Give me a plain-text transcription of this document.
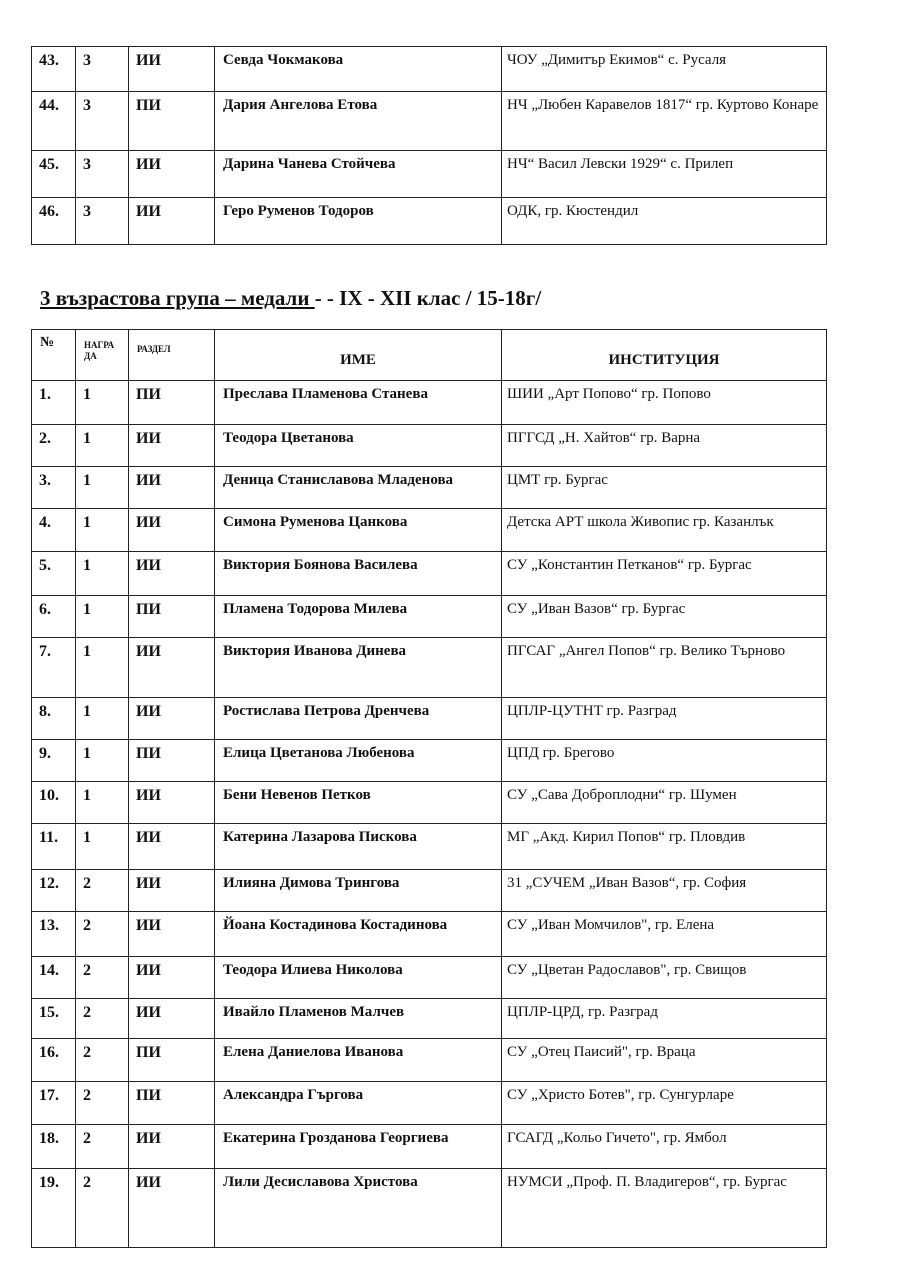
43.	3	ИИ	Севда Чокмакова	ЧОУ „Димитър Екимов“ с. Русаля

44.	3	ПИ	Дария Ангелова Етова	НЧ „Любен Каравелов 1817“ гр. Куртово Конаре

45.	3	ИИ	Дарина Чанева Стойчева	НЧ“ Васил Левски 1929“ с. Прилеп

46.	3	ИИ	Геро Руменов Тодоров	ОДК, гр. Кюстендил
3 възрастова група – медали - - IX - XII клас / 15-18г/
№	НАГРА ДА	РАЗДЕЛ	ИМЕ	ИНСТИТУЦИЯ

1.	1	ПИ	Преслава Пламенова Станева	ШИИ „Арт Попово“ гр. Попово

2.	1	ИИ	Теодора Цветанова	ПГГСД „Н. Хайтов“ гр. Варна

3.	1	ИИ	Деница Станиславова Младенова	ЦМТ гр. Бургас

4.	1	ИИ	Симона Руменова Цанкова	Детска АРТ школа Живопис гр. Казанлък

5.	1	ИИ	Виктория Боянова Василева	СУ „Константин Петканов“ гр. Бургас

6.	1	ПИ	Пламена Тодорова Милева	СУ „Иван Вазов“ гр. Бургас

7.	1	ИИ	Виктория Иванова Динева	ПГСАГ „Ангел Попов“ гр. Велико Търново

8.	1	ИИ	Ростислава Петрова Дренчева	ЦПЛР-ЦУТНТ гр. Разград

9.	1	ПИ	Елица Цветанова Любенова	ЦПД гр. Брегово

10.	1	ИИ	Бени Невенов Петков	СУ „Сава Доброплодни“ гр. Шумен

11.	1	ИИ	Катерина Лазарова Пискова	МГ „Акд. Кирил Попов“ гр. Пловдив

12.	2	ИИ	Илияна Димова Трингова	31 „СУЧЕМ „Иван Вазов“, гр. София

13.	2	ИИ	Йоана Костадинова Костадинова	СУ „Иван Момчилов", гр. Елена

14.	2	ИИ	Теодора Илиева Николова	СУ „Цветан Радославов", гр. Свищов

15.	2	ИИ	Ивайло Пламенов Малчев	ЦПЛР-ЦРД, гр. Разград

16.	2	ПИ	Елена Даниелова Иванова	СУ „Отец Паисий", гр. Враца

17.	2	ПИ	Александра Гъргова	СУ „Христо Ботев", гр. Сунгурларе

18.	2	ИИ	Екатерина Грозданова Георгиева	ГСАГД „Кольо Гичето", гр. Ямбол

19.	2	ИИ	Лили Десиславова Христова	НУМСИ „Проф. П. Владигеров“, гр. Бургас
